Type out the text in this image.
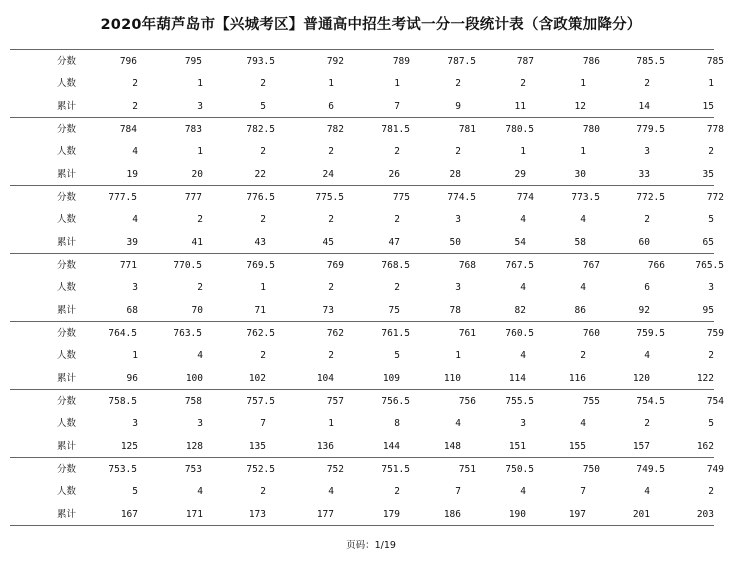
2020年葫芦岛市【兴城考区】普通高中招生考试一分一段统计表（含政策加降分）
分数	796	795	793.5	792	789	787.5	787	786	785.5	785
人数	2	1	2	1	1	2	2	1	2	1
累计	2	3	5	6	7	9	11	12	14	15
分数	784	783	782.5	782	781.5	781	780.5	780	779.5	778
人数	4	1	2	2	2	2	1	1	3	2
累计	19	20	22	24	26	28	29	30	33	35
分数	777.5	777	776.5	775.5	775	774.5	774	773.5	772.5	772
人数	4	2	2	2	2	3	4	4	2	5
累计	39	41	43	45	47	50	54	58	60	65
分数	771	770.5	769.5	769	768.5	768	767.5	767	766	765.5
人数	3	2	1	2	2	3	4	4	6	3
累计	68	70	71	73	75	78	82	86	92	95
分数	764.5	763.5	762.5	762	761.5	761	760.5	760	759.5	759
人数	1	4	2	2	5	1	4	2	4	2
累计	96	100	102	104	109	110	114	116	120	122
分数	758.5	758	757.5	757	756.5	756	755.5	755	754.5	754
人数	3	3	7	1	8	4	3	4	2	5
累计	125	128	135	136	144	148	151	155	157	162
分数	753.5	753	752.5	752	751.5	751	750.5	750	749.5	749
人数	5	4	2	4	2	7	4	7	4	2
累计	167	171	173	177	179	186	190	197	201	203
页码：1/19
